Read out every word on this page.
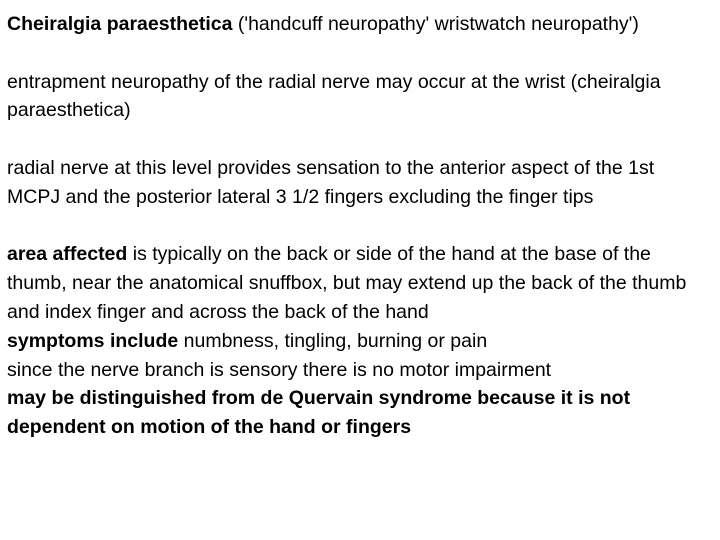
Cheiralgia paraesthetica ('handcuff neuropathy' wristwatch neuropathy')

entrapment neuropathy of the radial nerve may occur at the wrist (cheiralgia paraesthetica)

radial nerve at this level provides sensation to the anterior aspect of the 1st MCPJ and the posterior lateral 3 1/2 fingers excluding the finger tips

area affected is typically on the back or side of the hand at the base of the thumb, near the anatomical snuffbox, but may extend up the back of the thumb and index finger and across the back of the hand

symptoms include numbness, tingling, burning or pain

since the nerve branch is sensory there is no motor impairment

may be distinguished from de Quervain syndrome because it is not dependent on motion of the hand or fingers
